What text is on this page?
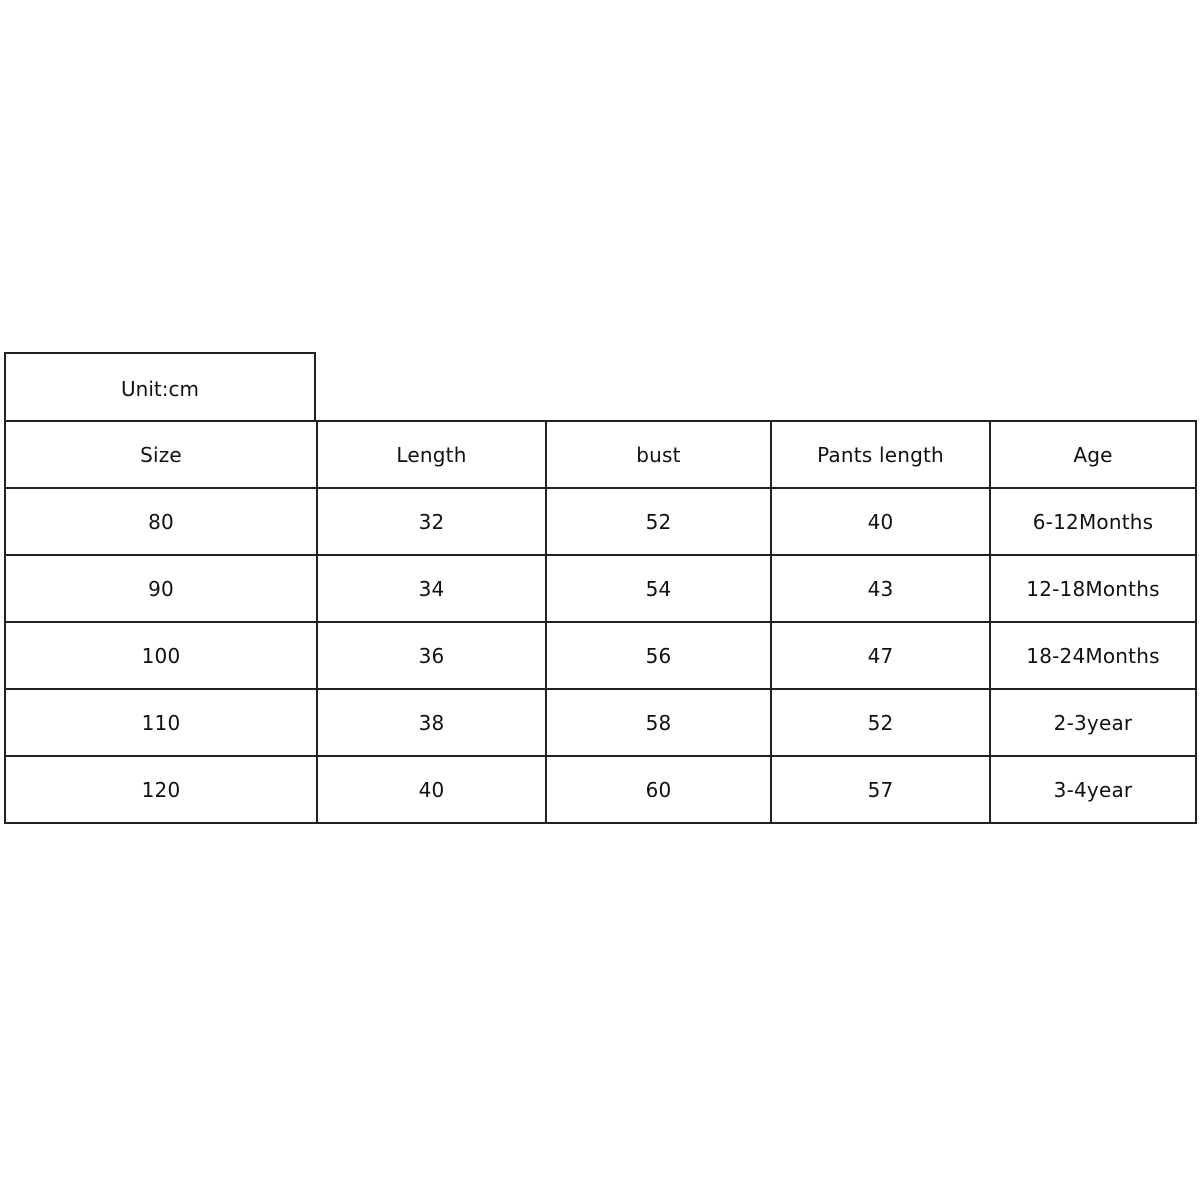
Unit:cm
Size	Length	bust	Pants length	Age
80	32	52	40	6-12Months
90	34	54	43	12-18Months
100	36	56	47	18-24Months
110	38	58	52	2-3year
120	40	60	57	3-4year
